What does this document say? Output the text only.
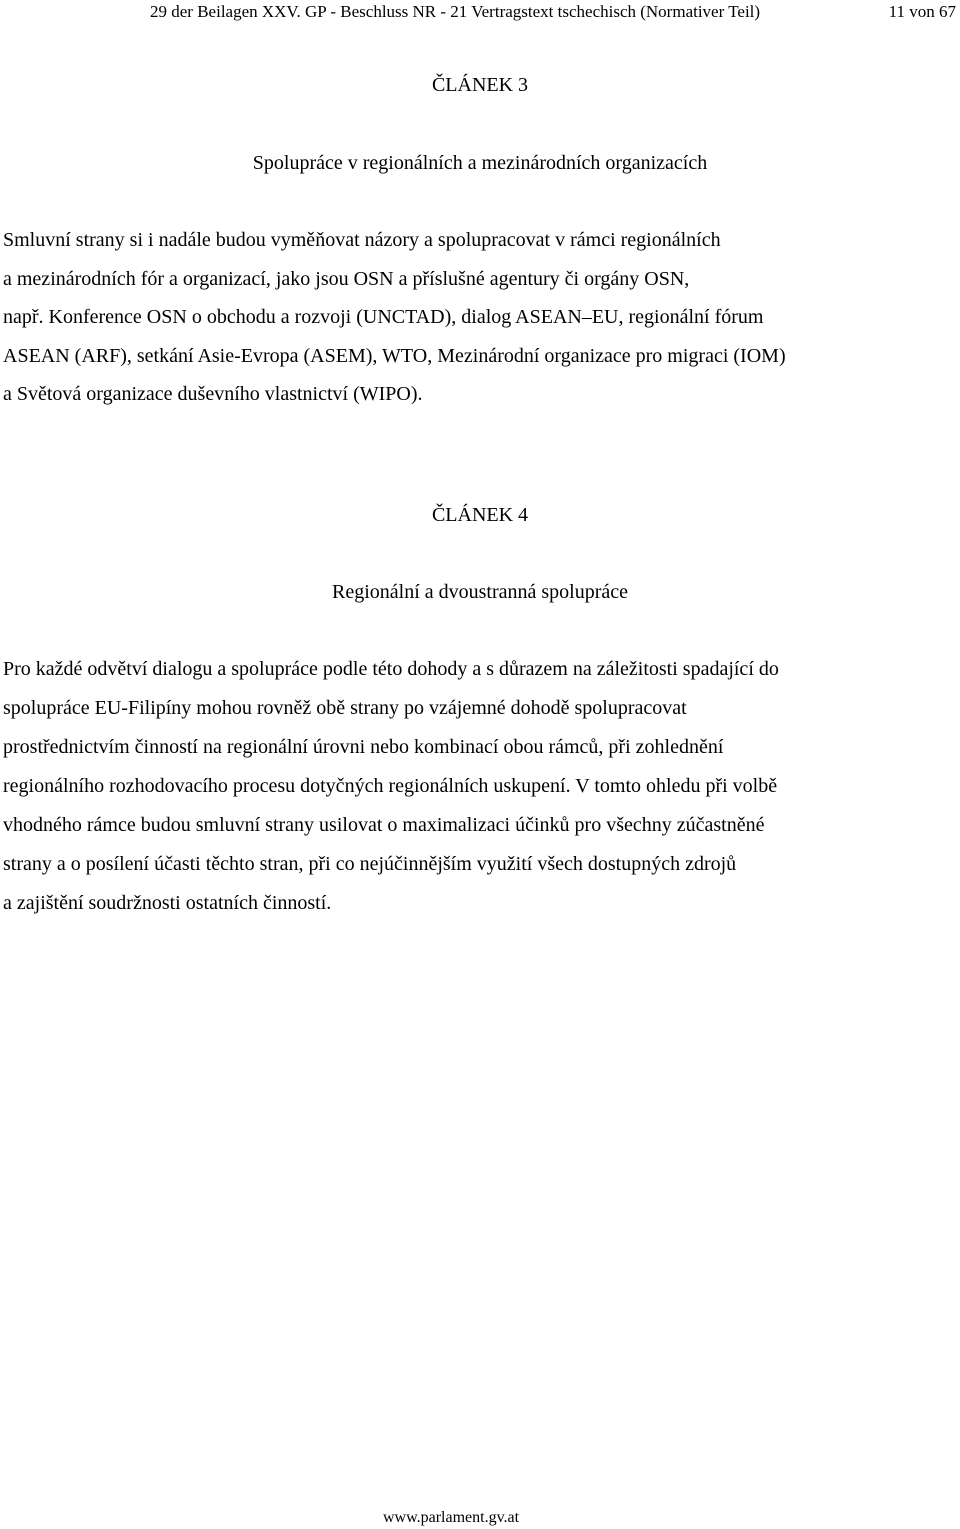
29 der Beilagen XXV. GP - Beschluss NR - 21 Vertragstext tschechisch (Normativer Teil)	11 von 67
ČLÁNEK 3
Spolupráce v regionálních a mezinárodních organizacích
Smluvní strany si i nadále budou vyměňovat názory a spolupracovat v rámci regionálních
a mezinárodních fór a organizací, jako jsou OSN a příslušné agentury či orgány OSN,
např. Konference OSN o obchodu a rozvoji (UNCTAD), dialog ASEAN–EU, regionální fórum
ASEAN (ARF), setkání Asie-Evropa (ASEM), WTO, Mezinárodní organizace pro migraci (IOM)
a Světová organizace duševního vlastnictví (WIPO).
ČLÁNEK 4
Regionální a dvoustranná spolupráce
Pro každé odvětví dialogu a spolupráce podle této dohody a s důrazem na záležitosti spadající do
spolupráce EU-Filipíny mohou rovněž obě strany po vzájemné dohodě spolupracovat
prostřednictvím činností na regionální úrovni nebo kombinací obou rámců, při zohlednění
regionálního rozhodovacího procesu dotyčných regionálních uskupení. V tomto ohledu při volbě
vhodného rámce budou smluvní strany usilovat o maximalizaci účinků pro všechny zúčastněné
strany a o posílení účasti těchto stran, při co nejúčinnějším využití všech dostupných zdrojů
a zajištění soudržnosti ostatních činností.
www.parlament.gv.at
